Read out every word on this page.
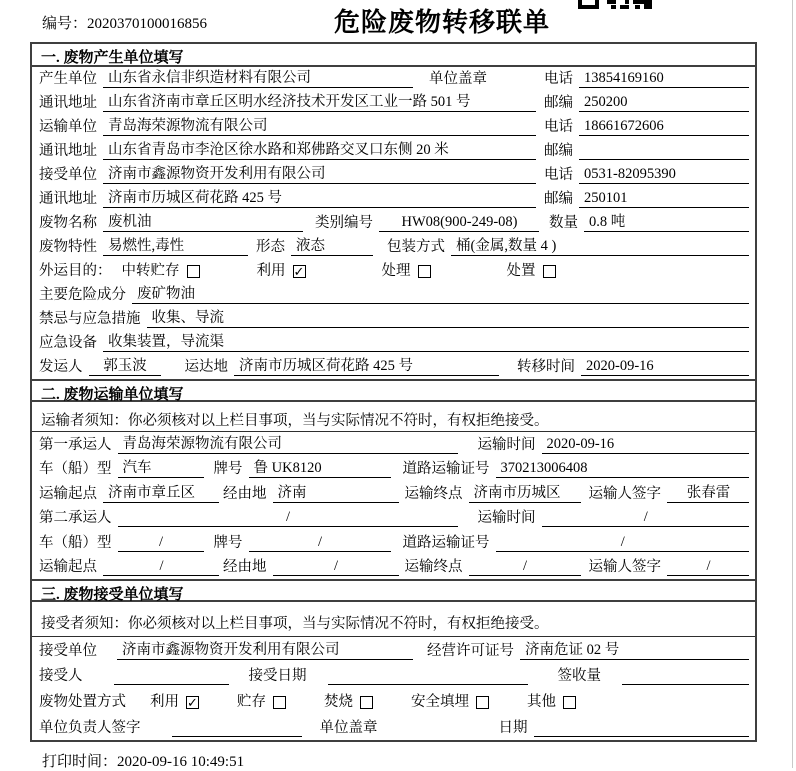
编号：2020370100016856	危险废物转移联单
一. 废物产生单位填写
产生单位 山东省永信非织造材料有限公司	单位盖章	电话 13854169160
通讯地址 山东省济南市章丘区明水经济技术开发区工业一路 501 号	邮编 250200
运输单位 青岛海荣源物流有限公司	电话 18661672606
通讯地址 山东省青岛市李沧区徐水路和郑佛路交叉口东侧 20 米	邮编
接受单位 济南市鑫源物资开发利用有限公司	电话 0531-82095390
通讯地址 济南市历城区荷花路 425 号	邮编 250101
废物名称 废机油	类别编号	HW08(900-249-08)	数量 0.8 吨
废物特性 易燃性,毒性	形态 液态	包装方式 桶(金属,数量 4 )
外运目的： 中转贮存	利用 ✓	处理	处置
主要危险成分 废矿物油
禁忌与应急措施 收集、导流
应急设备 收集装置，导流渠
发运人	郭玉波	运达地 济南市历城区荷花路 425 号	转移时间 2020-09-16
二. 废物运输单位填写
运输者须知：你必须核对以上栏目事项，当与实际情况不符时，有权拒绝接受。
第一承运人 青岛海荣源物流有限公司	运输时间 2020-09-16
车（船）型 汽车	牌号 鲁 UK8120	道路运输证号 370213006408
运输起点 济南市章丘区	经由地 济南	运输终点 济南市历城区	运输人签字	张春雷
第二承运人	/	运输时间	/
车（船）型	/	牌号	/	道路运输证号	/
运输起点	/	经由地	/	运输终点	/	运输人签字	/
三. 废物接受单位填写
接受者须知：你必须核对以上栏目事项，当与实际情况不符时，有权拒绝接受。
接受单位	济南市鑫源物资开发利用有限公司	经营许可证号 济南危证 02 号
接受人	接受日期	签收量
废物处置方式	利用 ✓	贮存	焚烧	安全填埋	其他
单位负责人签字	单位盖章	日期
打印时间：2020-09-16 10:49:51
